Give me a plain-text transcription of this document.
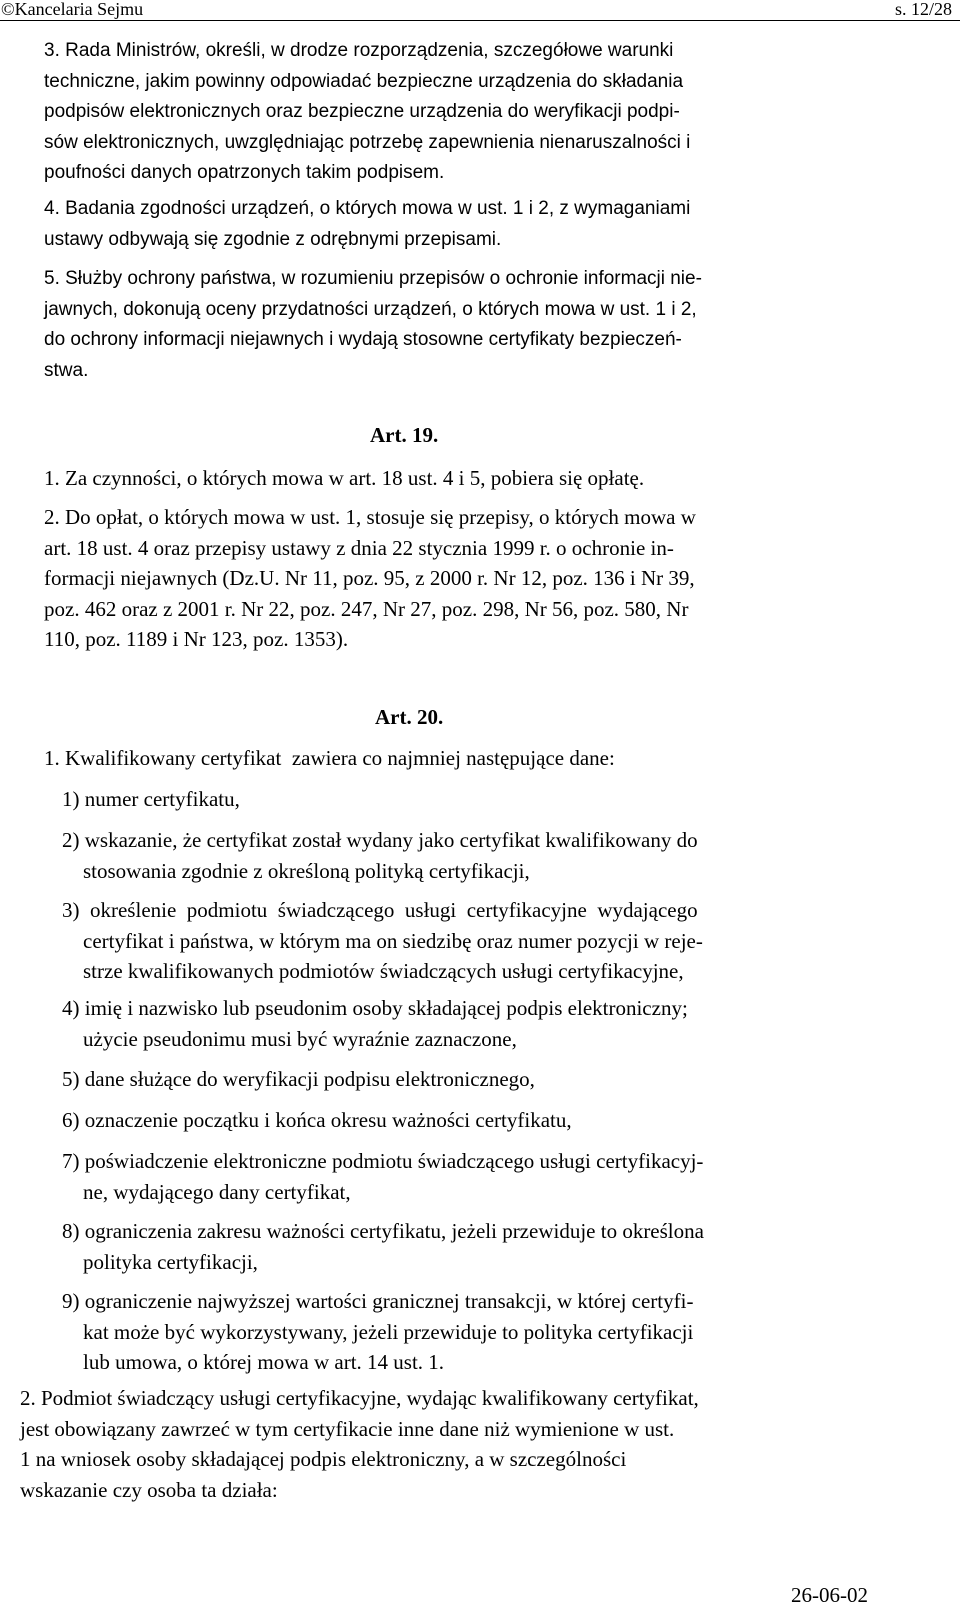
©Kancelaria Sejmu	s. 12/28

3. Rada Ministrów, określi, w drodze rozporządzenia, szczegółowe warunki
techniczne, jakim powinny odpowiadać bezpieczne urządzenia do składania
podpisów elektronicznych oraz bezpieczne urządzenia do weryfikacji podpi-
sów elektronicznych, uwzględniając potrzebę zapewnienia nienaruszalności i
poufności danych opatrzonych takim podpisem.

4. Badania zgodności urządzeń, o których mowa w ust. 1 i 2, z wymaganiami
ustawy odbywają się zgodnie z odrębnymi przepisami.

5. Służby ochrony państwa, w rozumieniu przepisów o ochronie informacji nie-
jawnych, dokonują oceny przydatności urządzeń, o których mowa w ust. 1 i 2,
do ochrony informacji niejawnych i wydają stosowne certyfikaty bezpieczeń-
stwa.

Art. 19.

1. Za czynności, o których mowa w art. 18 ust. 4 i 5, pobiera się opłatę.

2. Do opłat, o których mowa w ust. 1, stosuje się przepisy, o których mowa w
art. 18 ust. 4 oraz przepisy ustawy z dnia 22 stycznia 1999 r. o ochronie in-
formacji niejawnych (Dz.U. Nr 11, poz. 95, z 2000 r. Nr 12, poz. 136 i Nr 39,
poz. 462 oraz z 2001 r. Nr 22, poz. 247, Nr 27, poz. 298, Nr 56, poz. 580, Nr
110, poz. 1189 i Nr 123, poz. 1353).

Art. 20.

1. Kwalifikowany certyfikat  zawiera co najmniej następujące dane:

1) numer certyfikatu,

2) wskazanie, że certyfikat został wydany jako certyfikat kwalifikowany do
stosowania zgodnie z określoną polityką certyfikacji,

3)  określenie  podmiotu  świadczącego  usługi  certyfikacyjne  wydającego
certyfikat i państwa, w którym ma on siedzibę oraz numer pozycji w reje-
strze kwalifikowanych podmiotów świadczących usługi certyfikacyjne,

4) imię i nazwisko lub pseudonim osoby składającej podpis elektroniczny;
użycie pseudonimu musi być wyraźnie zaznaczone,

5) dane służące do weryfikacji podpisu elektronicznego,

6) oznaczenie początku i końca okresu ważności certyfikatu,

7) poświadczenie elektroniczne podmiotu świadczącego usługi certyfikacyj-
ne, wydającego dany certyfikat,

8) ograniczenia zakresu ważności certyfikatu, jeżeli przewiduje to określona
polityka certyfikacji,

9) ograniczenie najwyższej wartości granicznej transakcji, w której certyfi-
kat może być wykorzystywany, jeżeli przewiduje to polityka certyfikacji
lub umowa, o której mowa w art. 14 ust. 1.

2. Podmiot świadczący usługi certyfikacyjne, wydając kwalifikowany certyfikat,
jest obowiązany zawrzeć w tym certyfikacie inne dane niż wymienione w ust.
1 na wniosek osoby składającej podpis elektroniczny, a w szczególności
wskazanie czy osoba ta działa:

26-06-02
